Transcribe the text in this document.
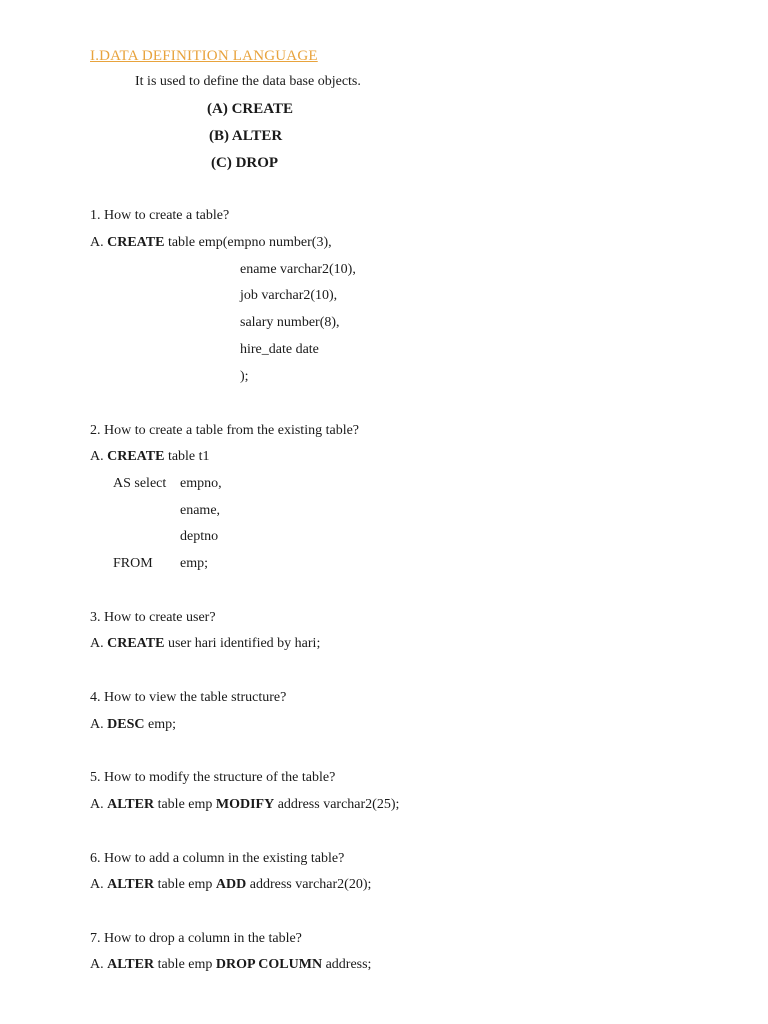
I.DATA DEFINITION LANGUAGE
It is used to define the data base objects.
(A) CREATE
(B) ALTER
(C) DROP
1. How to create a table?
A. CREATE table emp(empno number(3),
ename varchar2(10),
job varchar2(10),
salary number(8),
hire_date date
);
2. How to create a table from the existing table?
A. CREATE table t1
AS select empno,
ename,
deptno
FROM emp;
3. How to create user?
A. CREATE user hari identified by hari;
4. How to view the table structure?
A. DESC emp;
5. How to modify the structure of the table?
A. ALTER table emp MODIFY address varchar2(25);
6. How to add a column in the existing table?
A. ALTER table emp ADD address varchar2(20);
7. How to drop a column in the table?
A. ALTER table emp DROP COLUMN address;
